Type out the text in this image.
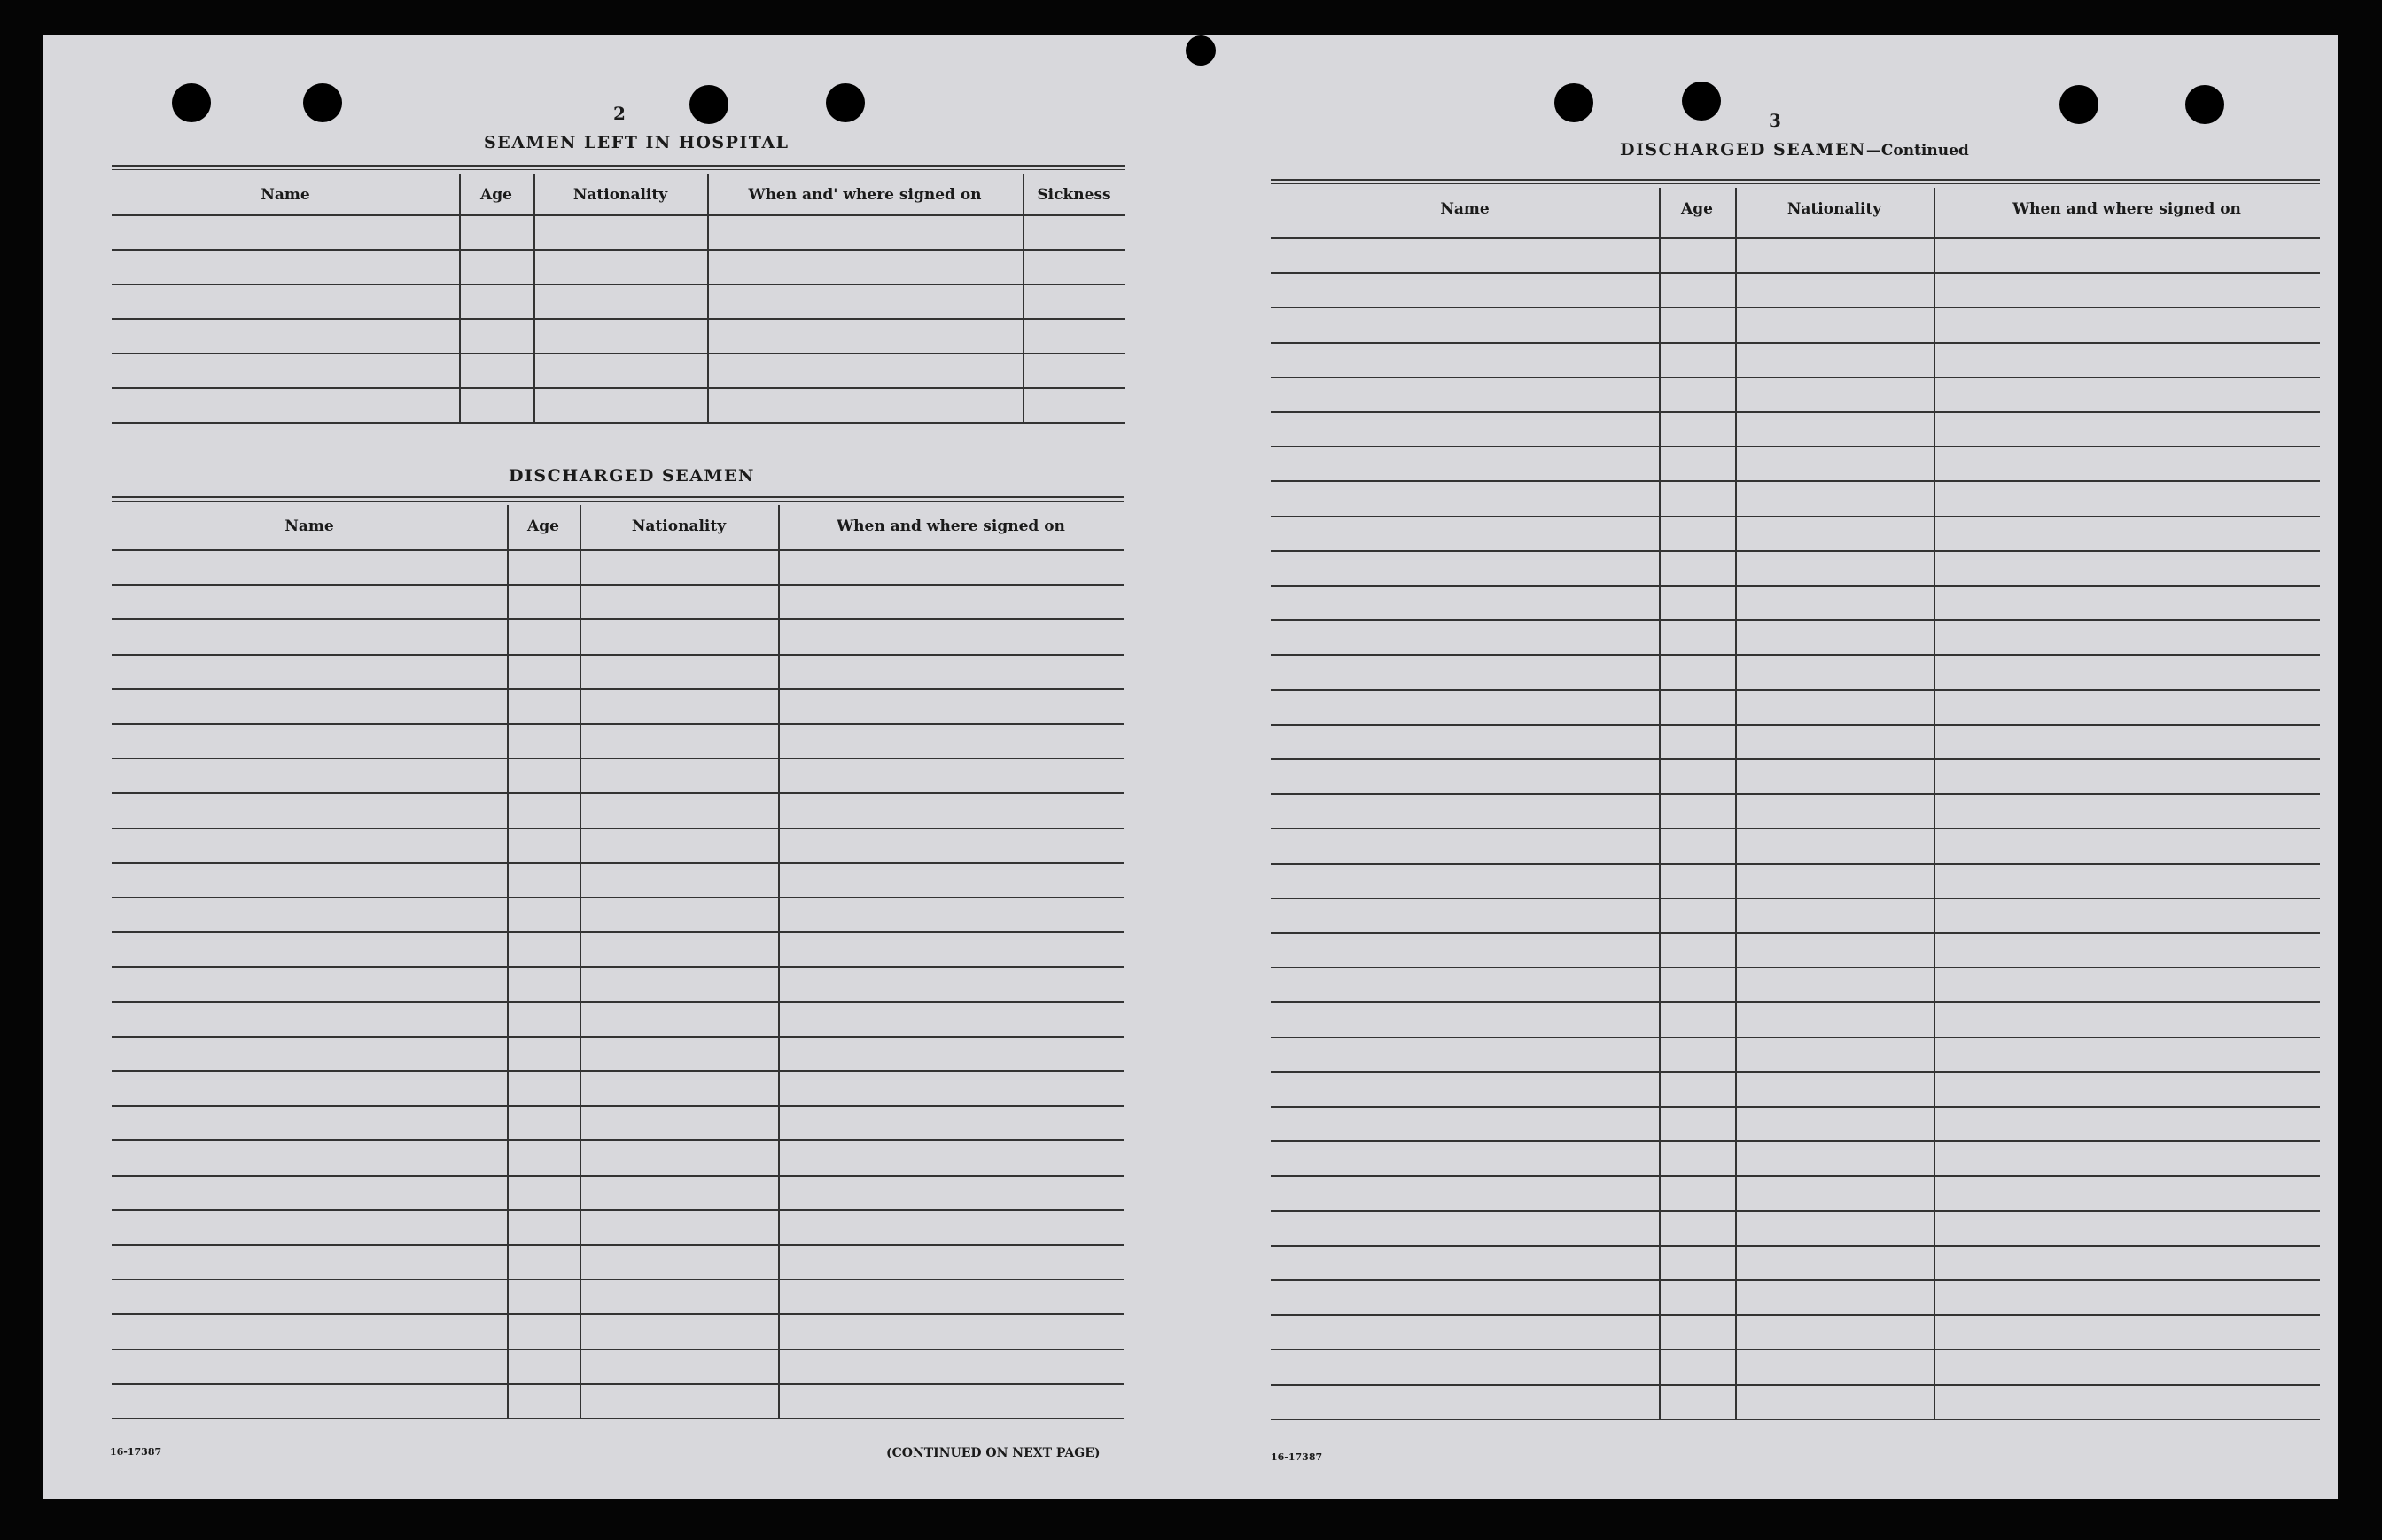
2
SEAMEN LEFT IN HOSPITAL
Name	Age	Nationality	When and' where signed on	Sickness
DISCHARGED SEAMEN
Name	Age	Nationality	When and where signed on
16-17387	(CONTINUED ON NEXT PAGE)
3
DISCHARGED SEAMEN—Continued
Name	Age	Nationality	When and where signed on
16-17387
